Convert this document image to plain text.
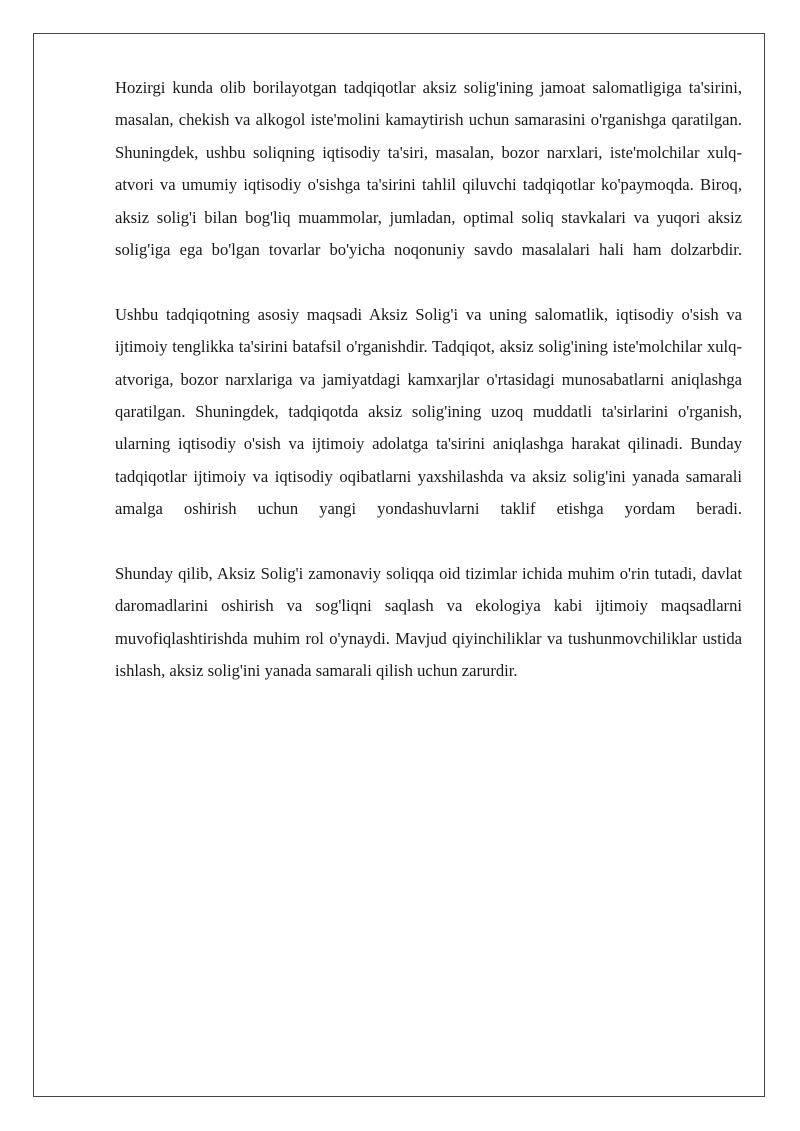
Hozirgi kunda olib borilayotgan tadqiqotlar aksiz solig'ining jamoat salomatligiga ta'sirini, masalan, chekish va alkogol iste'molini kamaytirish uchun samarasini o'rganishga qaratilgan. Shuningdek, ushbu soliqning iqtisodiy ta'siri, masalan, bozor narxlari, iste'molchilar xulq-atvori va umumiy iqtisodiy o'sishga ta'sirini tahlil qiluvchi tadqiqotlar ko'paymoqda. Biroq, aksiz solig'i bilan bog'liq muammolar, jumladan, optimal soliq stavkalari va yuqori aksiz solig'iga ega bo'lgan tovarlar bo'yicha noqonuniy savdo masalalari hali ham dolzarbdir.

Ushbu tadqiqotning asosiy maqsadi Aksiz Solig'i va uning salomatlik, iqtisodiy o'sish va ijtimoiy tenglikka ta'sirini batafsil o'rganishdir. Tadqiqot, aksiz solig'ining iste'molchilar xulq-atvoriga, bozor narxlariga va jamiyatdagi kamxarjlar o'rtasidagi munosabatlarni aniqlashga qaratilgan. Shuningdek, tadqiqotda aksiz solig'ining uzoq muddatli ta'sirlarini o'rganish, ularning iqtisodiy o'sish va ijtimoiy adolatga ta'sirini aniqlashga harakat qilinadi. Bunday tadqiqotlar ijtimoiy va iqtisodiy oqibatlarni yaxshilashda va aksiz solig'ini yanada samarali amalga oshirish uchun yangi yondashuvlarni taklif etishga yordam beradi.

Shunday qilib, Aksiz Solig'i zamonaviy soliqqa oid tizimlar ichida muhim o'rin tutadi, davlat daromadlarini oshirish va sog'liqni saqlash va ekologiya kabi ijtimoiy maqsadlarni muvofiqlashtirishda muhim rol o'ynaydi. Mavjud qiyinchiliklar va tushunmovchiliklar ustida ishlash, aksiz solig'ini yanada samarali qilish uchun zarurdir.
